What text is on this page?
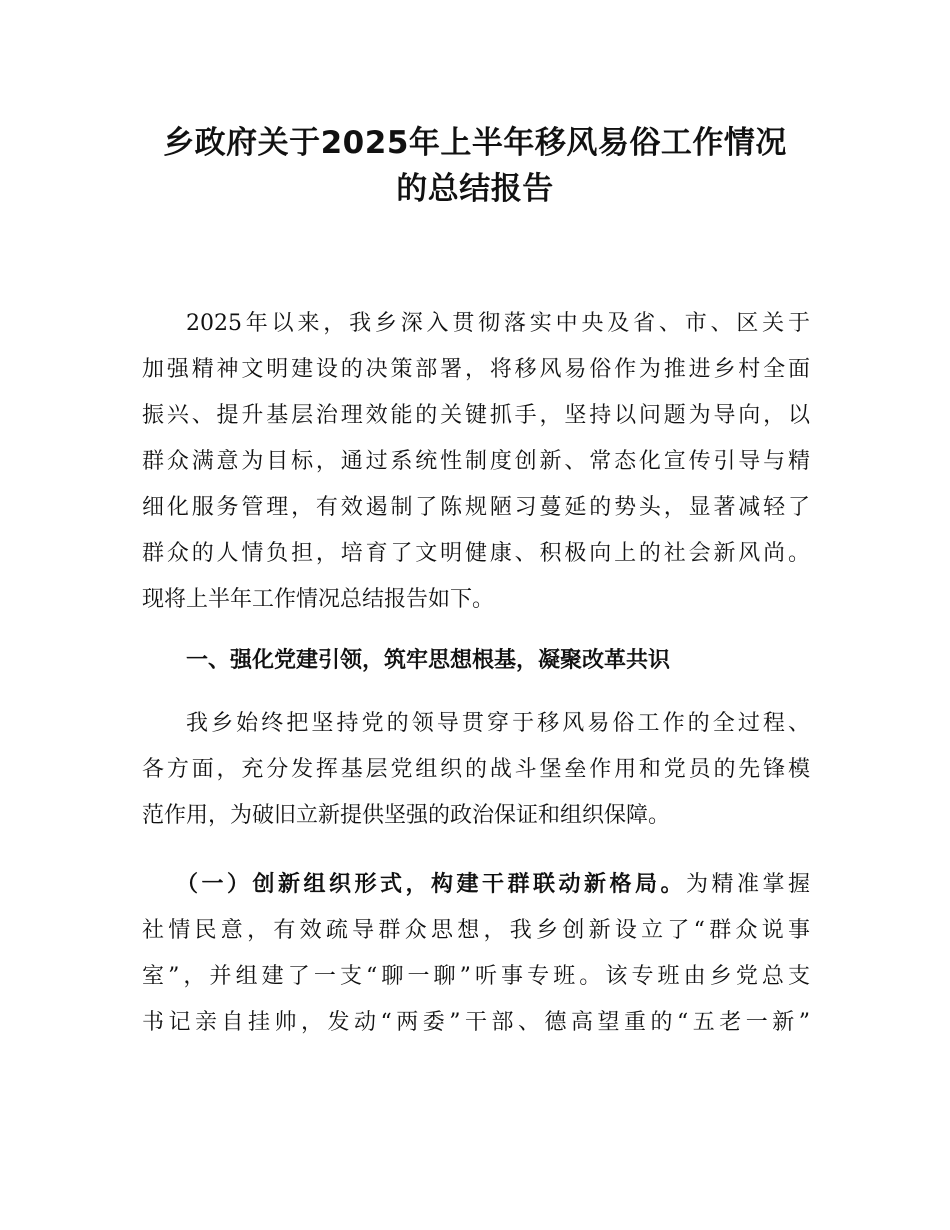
乡政府关于2025年上半年移风易俗工作情况
的总结报告
2025年以来，我乡深入贯彻落实中央及省、市、区关于
加强精神文明建设的决策部署，将移风易俗作为推进乡村全面
振兴、提升基层治理效能的关键抓手，坚持以问题为导向，以
群众满意为目标，通过系统性制度创新、常态化宣传引导与精
细化服务管理，有效遏制了陈规陋习蔓延的势头，显著减轻了
群众的人情负担，培育了文明健康、积极向上的社会新风尚。
现将上半年工作情况总结报告如下。
一、强化党建引领，筑牢思想根基，凝聚改革共识
我乡始终把坚持党的领导贯穿于移风易俗工作的全过程、
各方面，充分发挥基层党组织的战斗堡垒作用和党员的先锋模
范作用，为破旧立新提供坚强的政治保证和组织保障。
（一）创新组织形式，构建干群联动新格局。为精准掌握
社情民意，有效疏导群众思想，我乡创新设立了“群众说事
室”，并组建了一支“聊一聊”听事专班。该专班由乡党总支
书记亲自挂帅，发动“两委”干部、德高望重的“五老一新”
